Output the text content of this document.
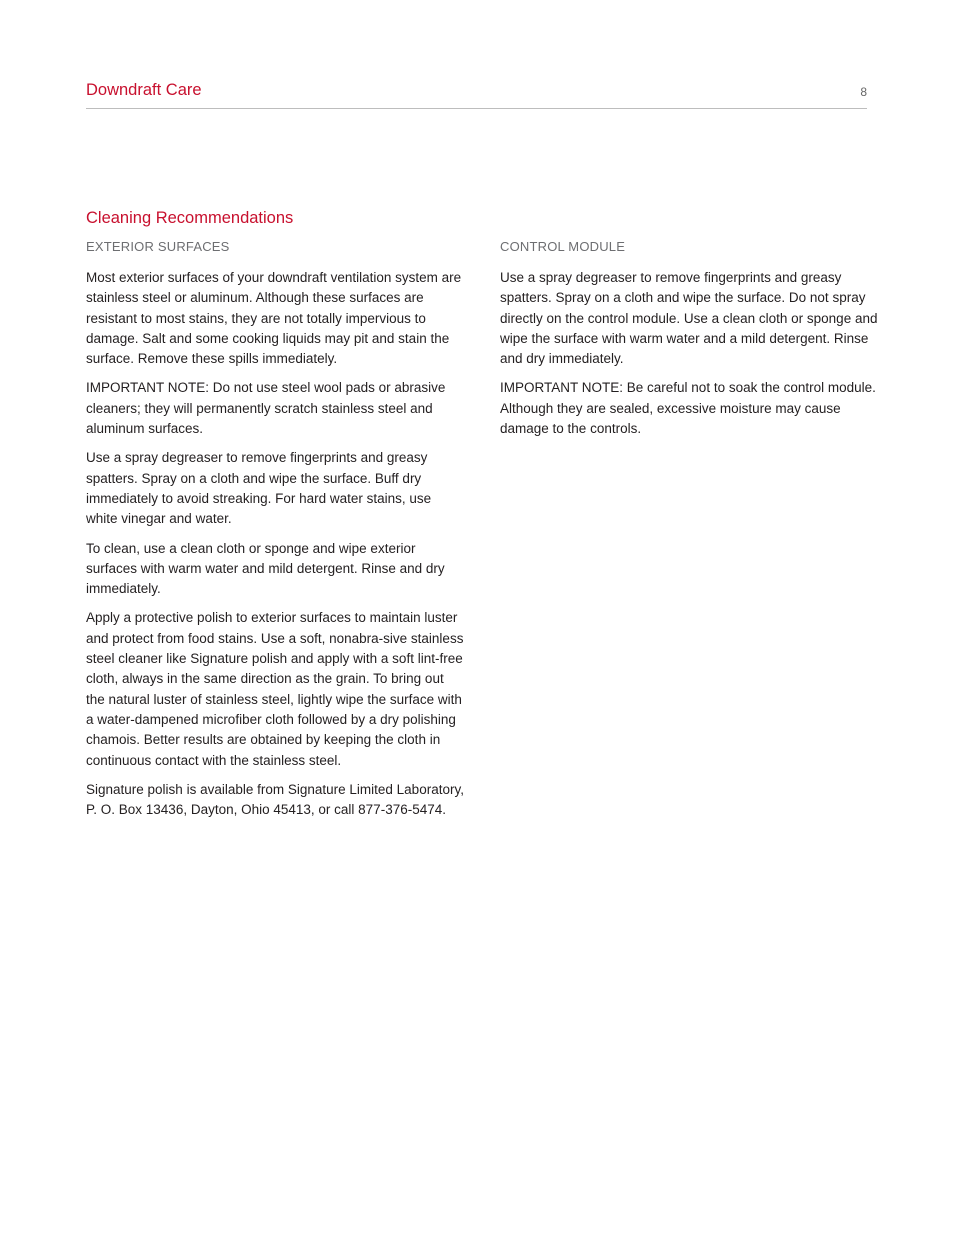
Downdraft Care	8
Cleaning Recommendations
EXTERIOR SURFACES

Most exterior surfaces of your downdraft ventilation system are stainless steel or aluminum. Although these surfaces are resistant to most stains, they are not totally impervious to damage. Salt and some cooking liquids may pit and stain the surface. Remove these spills immediately.

IMPORTANT NOTE: Do not use steel wool pads or abrasive cleaners; they will permanently scratch stainless steel and aluminum surfaces.

Use a spray degreaser to remove fingerprints and greasy spatters. Spray on a cloth and wipe the surface. Buff dry immediately to avoid streaking. For hard water stains, use white vinegar and water.

To clean, use a clean cloth or sponge and wipe exterior surfaces with warm water and mild detergent. Rinse and dry immediately.

Apply a protective polish to exterior surfaces to maintain luster and protect from food stains. Use a soft, nonabra-sive stainless steel cleaner like Signature polish and apply with a soft lint-free cloth, always in the same direction as the grain. To bring out the natural luster of stainless steel, lightly wipe the surface with a water-dampened microfiber cloth followed by a dry polishing chamois. Better results are obtained by keeping the cloth in continuous contact with the stainless steel.

Signature polish is available from Signature Limited Laboratory, P. O. Box 13436, Dayton, Ohio 45413, or call 877-376-5474.

CONTROL MODULE

Use a spray degreaser to remove fingerprints and greasy spatters. Spray on a cloth and wipe the surface. Do not spray directly on the control module. Use a clean cloth or sponge and wipe the surface with warm water and a mild detergent. Rinse and dry immediately.

IMPORTANT NOTE: Be careful not to soak the control module. Although they are sealed, excessive moisture may cause damage to the controls.
